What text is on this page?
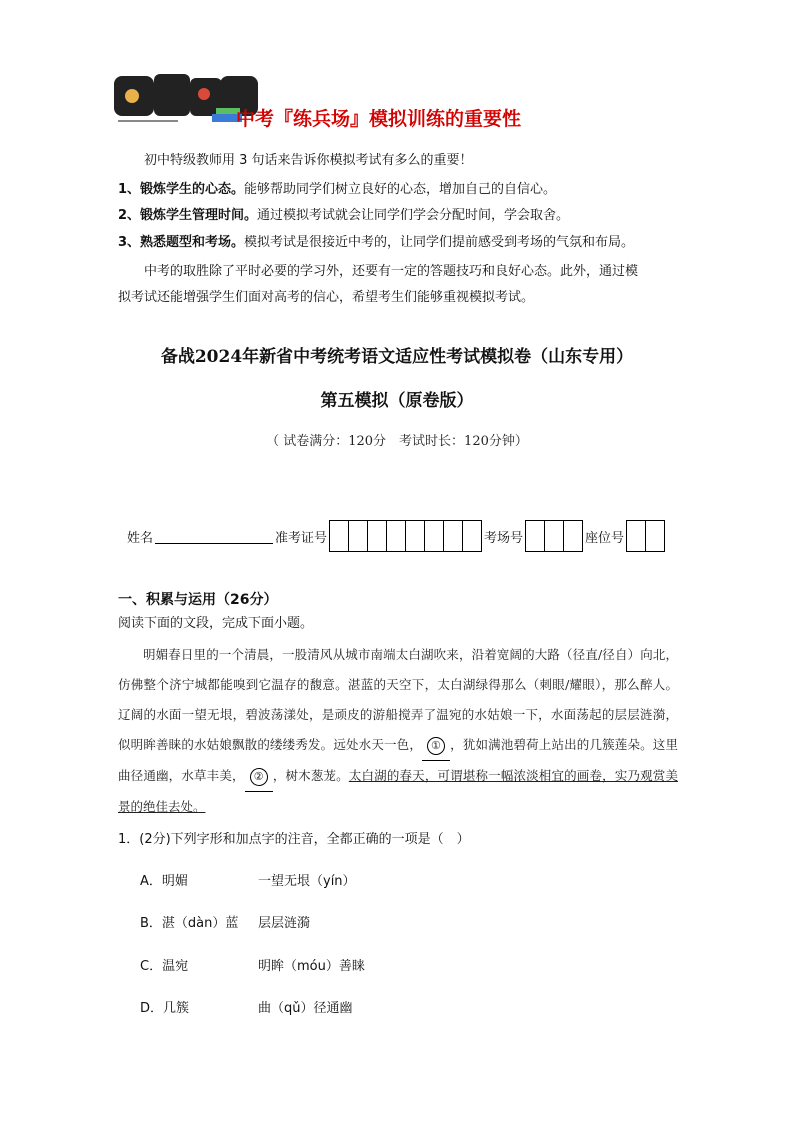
中考『练兵场』模拟训练的重要性
初中特级教师用 3 句话来告诉你模拟考试有多么的重要！
1、锻炼学生的心态。能够帮助同学们树立良好的心态，增加自己的自信心。
2、锻炼学生管理时间。通过模拟考试就会让同学们学会分配时间，学会取舍。
3、熟悉题型和考场。模拟考试是很接近中考的，让同学们提前感受到考场的气氛和布局。
中考的取胜除了平时必要的学习外，还要有一定的答题技巧和良好心态。此外，通过模
拟考试还能增强学生们面对高考的信心，希望考生们能够重视模拟考试。
备战2024年新省中考统考语文适应性考试模拟卷（山东专用）
第五模拟（原卷版）
（ 试卷满分：120分　考试时长：120分钟）
姓名	准考证号	考场号	座位号
一、积累与运用（26分）
阅读下面的文段，完成下面小题。

明媚春日里的一个清晨，一股清风从城市南端太白湖吹来，沿着宽阔的大路（径直/径自）向北，仿佛整个济宁城都能嗅到它温存的馥意。湛蓝的天空下，太白湖绿得那么（刺眼/耀眼），那么醉人。辽阔的水面一望无垠，碧波荡漾处，是顽皮的游船搅弄了温宛的水姑娘一下，水面荡起的层层涟漪，似明眸善睐的水姑娘飘散的缕缕秀发。远处水天一色， ① ，犹如满池碧荷上站出的几簇莲朵。这里曲径通幽，水草丰美， ② ，树木葱茏。太白湖的春天，可谓堪称一幅浓淡相宜的画卷，实乃观赏美景的绝佳去处。

1．(2分)下列字形和加点字的注音，全都正确的一项是（　）
A．明媚	一望无垠（yín）
B．湛（dàn）蓝 层层涟漪
C．温宛	明眸（móu）善睐
D．几簇	曲（qǔ）径通幽
